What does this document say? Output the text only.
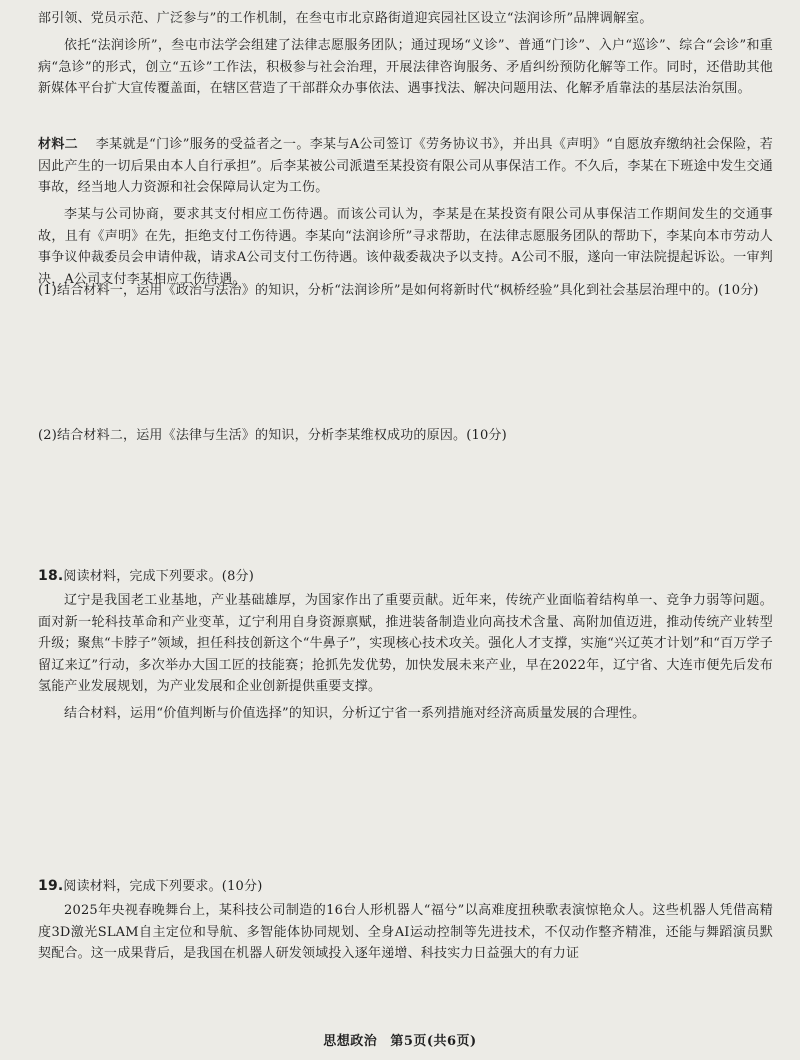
部引领、党员示范、广泛参与”的工作机制，在叁屯市北京路街道迎宾园社区设立“法润诊所”品牌调解室。

依托“法润诊所”，叁屯市法学会组建了法律志愿服务团队；通过现场“义诊”、普通“门诊”、入户“巡诊”、综合“会诊”和重病“急诊”的形式，创立“五诊”工作法，积极参与社会治理，开展法律咨询服务、矛盾纠纷预防化解等工作。同时，还借助其他新媒体平台扩大宣传覆盖面，在辖区营造了干部群众办事依法、遇事找法、解决问题用法、化解矛盾靠法的基层法治氛围。

材料二   李某就是“门诊”服务的受益者之一。李某与A公司签订《劳务协议书》，并出具《声明》“自愿放弃缴纳社会保险，若因此产生的一切后果由本人自行承担”。后李某被公司派遣至某投资有限公司从事保洁工作。不久后，李某在下班途中发生交通事故，经当地人力资源和社会保障局认定为工伤。

李某与公司协商，要求其支付相应工伤待遇。而该公司认为，李某是在某投资有限公司从事保洁工作期间发生的交通事故，且有《声明》在先，拒绝支付工伤待遇。李某向“法润诊所”寻求帮助，在法律志愿服务团队的帮助下，李某向本市劳动人事争议仲裁委员会申请仲裁，请求A公司支付工伤待遇。该仲裁委裁决予以支持。A公司不服，遂向一审法院提起诉讼。一审判决，A公司支付李某相应工伤待遇。

(1)结合材料一，运用《政治与法治》的知识，分析“法润诊所”是如何将新时代“枫桥经验”具化到社会基层治理中的。(10分)

(2)结合材料二，运用《法律与生活》的知识，分析李某维权成功的原因。(10分)

18.阅读材料，完成下列要求。(8分)

辽宁是我国老工业基地，产业基础雄厚，为国家作出了重要贡献。近年来，传统产业面临着结构单一、竞争力弱等问题。面对新一轮科技革命和产业变革，辽宁利用自身资源禀赋，推进装备制造业向高技术含量、高附加值迈进，推动传统产业转型升级；聚焦“卡脖子”领域，担任科技创新这个“牛鼻子”，实现核心技术攻关。强化人才支撑，实施“兴辽英才计划”和“百万学子留辽来辽”行动，多次举办大国工匠的技能赛；抢抓先发优势，加快发展未来产业，早在2022年，辽宁省、大连市便先后发布氢能产业发展规划，为产业发展和企业创新提供重要支撑。

结合材料，运用“价值判断与价值选择”的知识，分析辽宁省一系列措施对经济高质量发展的合理性。

19.阅读材料，完成下列要求。(10分)

2025年央视春晚舞台上，某科技公司制造的16台人形机器人“福兮”以高难度扭秧歌表演惊艳众人。这些机器人凭借高精度3D激光SLAM自主定位和导航、多智能体协同规划、全身AI运动控制等先进技术，不仅动作整齐精准，还能与舞蹈演员默契配合。这一成果背后，是我国在机器人研发领域投入逐年递增、科技实力日益强大的有力证

思想政治 第5页(共6页)
